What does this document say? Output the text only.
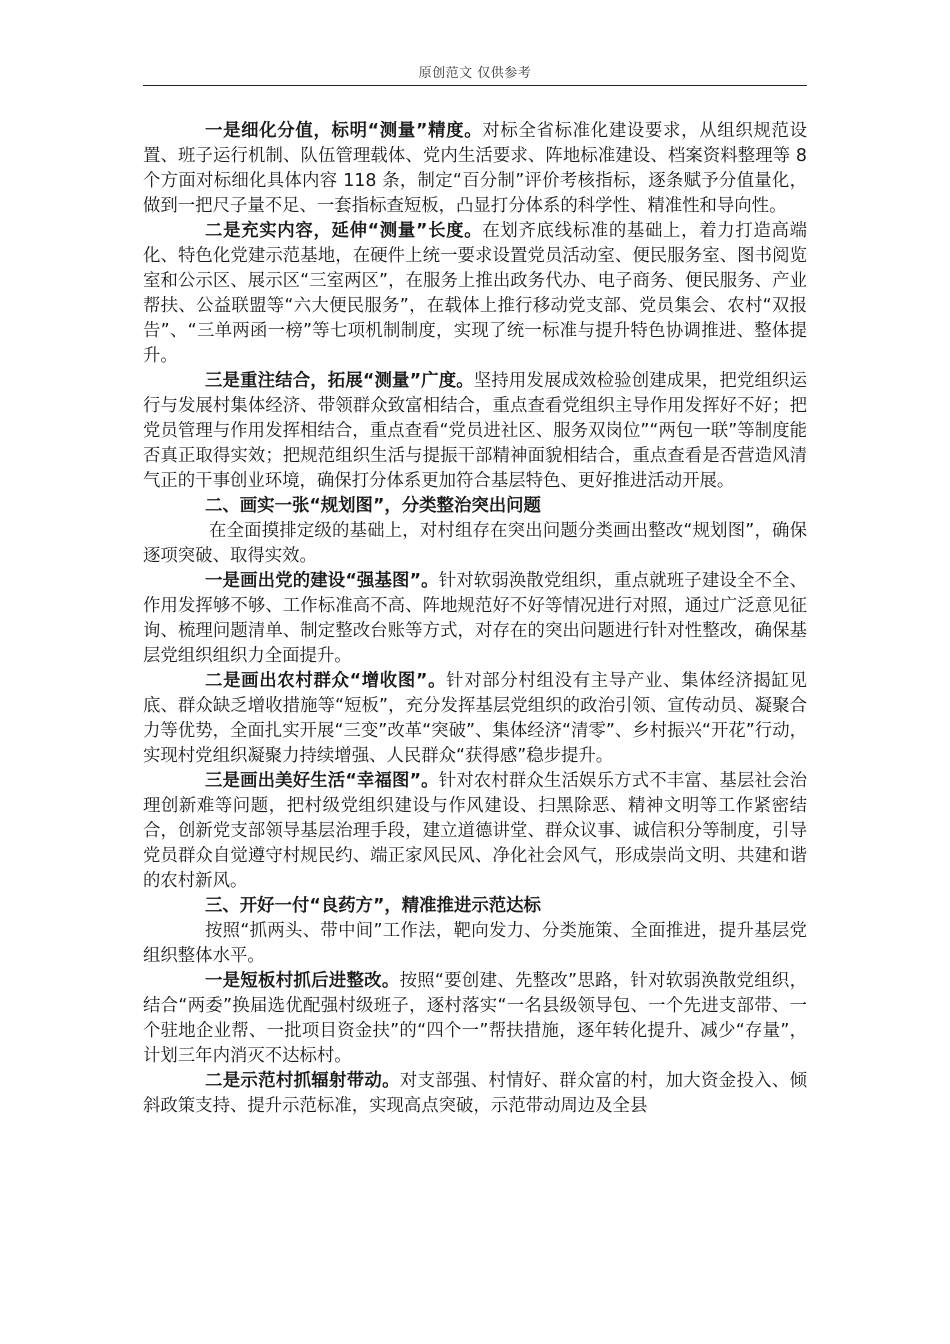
原创范文 仅供参考

一是细化分值，标明“测量”精度。对标全省标准化建设要求，从组织规范设置、班子运行机制、队伍管理载体、党内生活要求、阵地标准建设、档案资料整理等 8 个方面对标细化具体内容 118 条，制定“百分制”评价考核指标，逐条赋予分值量化，做到一把尺子量不足、一套指标查短板，凸显打分体系的科学性、精准性和导向性。

二是充实内容，延伸“测量”长度。在划齐底线标准的基础上，着力打造高端化、特色化党建示范基地，在硬件上统一要求设置党员活动室、便民服务室、图书阅览室和公示区、展示区“三室两区”，在服务上推出政务代办、电子商务、便民服务、产业帮扶、公益联盟等“六大便民服务”，在载体上推行移动党支部、党员集会、农村“双报告”、“三单两函一榜”等七项机制制度，实现了统一标准与提升特色协调推进、整体提升。

三是重注结合，拓展“测量”广度。坚持用发展成效检验创建成果，把党组织运行与发展村集体经济、带领群众致富相结合，重点查看党组织主导作用发挥好不好；把党员管理与作用发挥相结合，重点查看“党员进社区、服务双岗位”“两包一联”等制度能否真正取得实效；把规范组织生活与提振干部精神面貌相结合，重点查看是否营造风清气正的干事创业环境，确保打分体系更加符合基层特色、更好推进活动开展。

二、画实一张“规划图”，分类整治突出问题

在全面摸排定级的基础上，对村组存在突出问题分类画出整改“规划图”，确保逐项突破、取得实效。

一是画出党的建设“强基图”。针对软弱涣散党组织，重点就班子建设全不全、作用发挥够不够、工作标准高不高、阵地规范好不好等情况进行对照，通过广泛意见征询、梳理问题清单、制定整改台账等方式，对存在的突出问题进行针对性整改，确保基层党组织组织力全面提升。

二是画出农村群众“增收图”。针对部分村组没有主导产业、集体经济揭缸见底、群众缺乏增收措施等“短板”，充分发挥基层党组织的政治引领、宣传动员、凝聚合力等优势，全面扎实开展“三变”改革“突破”、集体经济“清零”、乡村振兴“开花”行动，实现村党组织凝聚力持续增强、人民群众“获得感”稳步提升。

三是画出美好生活“幸福图”。针对农村群众生活娱乐方式不丰富、基层社会治理创新难等问题，把村级党组织建设与作风建设、扫黑除恶、精神文明等工作紧密结合，创新党支部领导基层治理手段，建立道德讲堂、群众议事、诚信积分等制度，引导党员群众自觉遵守村规民约、端正家风民风、净化社会风气，形成崇尚文明、共建和谐的农村新风。

三、开好一付“良药方”，精准推进示范达标

按照“抓两头、带中间”工作法，靶向发力、分类施策、全面推进，提升基层党组织整体水平。

一是短板村抓后进整改。按照“要创建、先整改”思路，针对软弱涣散党组织，结合“两委”换届选优配强村级班子，逐村落实“一名县级领导包、一个先进支部带、一个驻地企业帮、一批项目资金扶”的“四个一”帮扶措施，逐年转化提升、减少“存量”，计划三年内消灭不达标村。

二是示范村抓辐射带动。对支部强、村情好、群众富的村，加大资金投入、倾斜政策支持、提升示范标准，实现高点突破，示范带动周边及全县
